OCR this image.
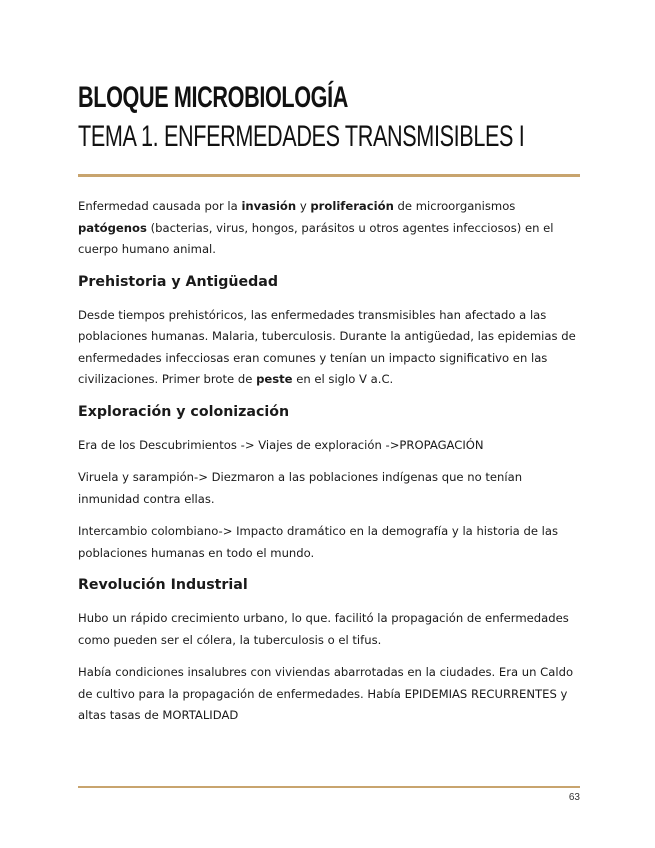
BLOQUE MICROBIOLOGÍA
TEMA 1. ENFERMEDADES TRANSMISIBLES I

Enfermedad causada por la invasión y proliferación de microorganismos patógenos (bacterias, virus, hongos, parásitos u otros agentes infecciosos) en el cuerpo humano animal.

Prehistoria y Antigüedad

Desde tiempos prehistóricos, las enfermedades transmisibles han afectado a las poblaciones humanas. Malaria, tuberculosis. Durante la antigüedad, las epidemias de enfermedades infecciosas eran comunes y tenían un impacto significativo en las civilizaciones. Primer brote de peste en el siglo V a.C.

Exploración y colonización

Era de los Descubrimientos -> Viajes de exploración ->PROPAGACIÓN

Viruela y sarampión-> Diezmaron a las poblaciones indígenas que no tenían inmunidad contra ellas.

Intercambio colombiano-> Impacto dramático en la demografía y la historia de las poblaciones humanas en todo el mundo.

Revolución Industrial

Hubo un rápido crecimiento urbano, lo que. facilitó la propagación de enfermedades como pueden ser el cólera, la tuberculosis o el tifus.

Había condiciones insalubres con viviendas abarrotadas en la ciudades. Era un Caldo de cultivo para la propagación de enfermedades. Había EPIDEMIAS RECURRENTES y altas tasas de MORTALIDAD

63
